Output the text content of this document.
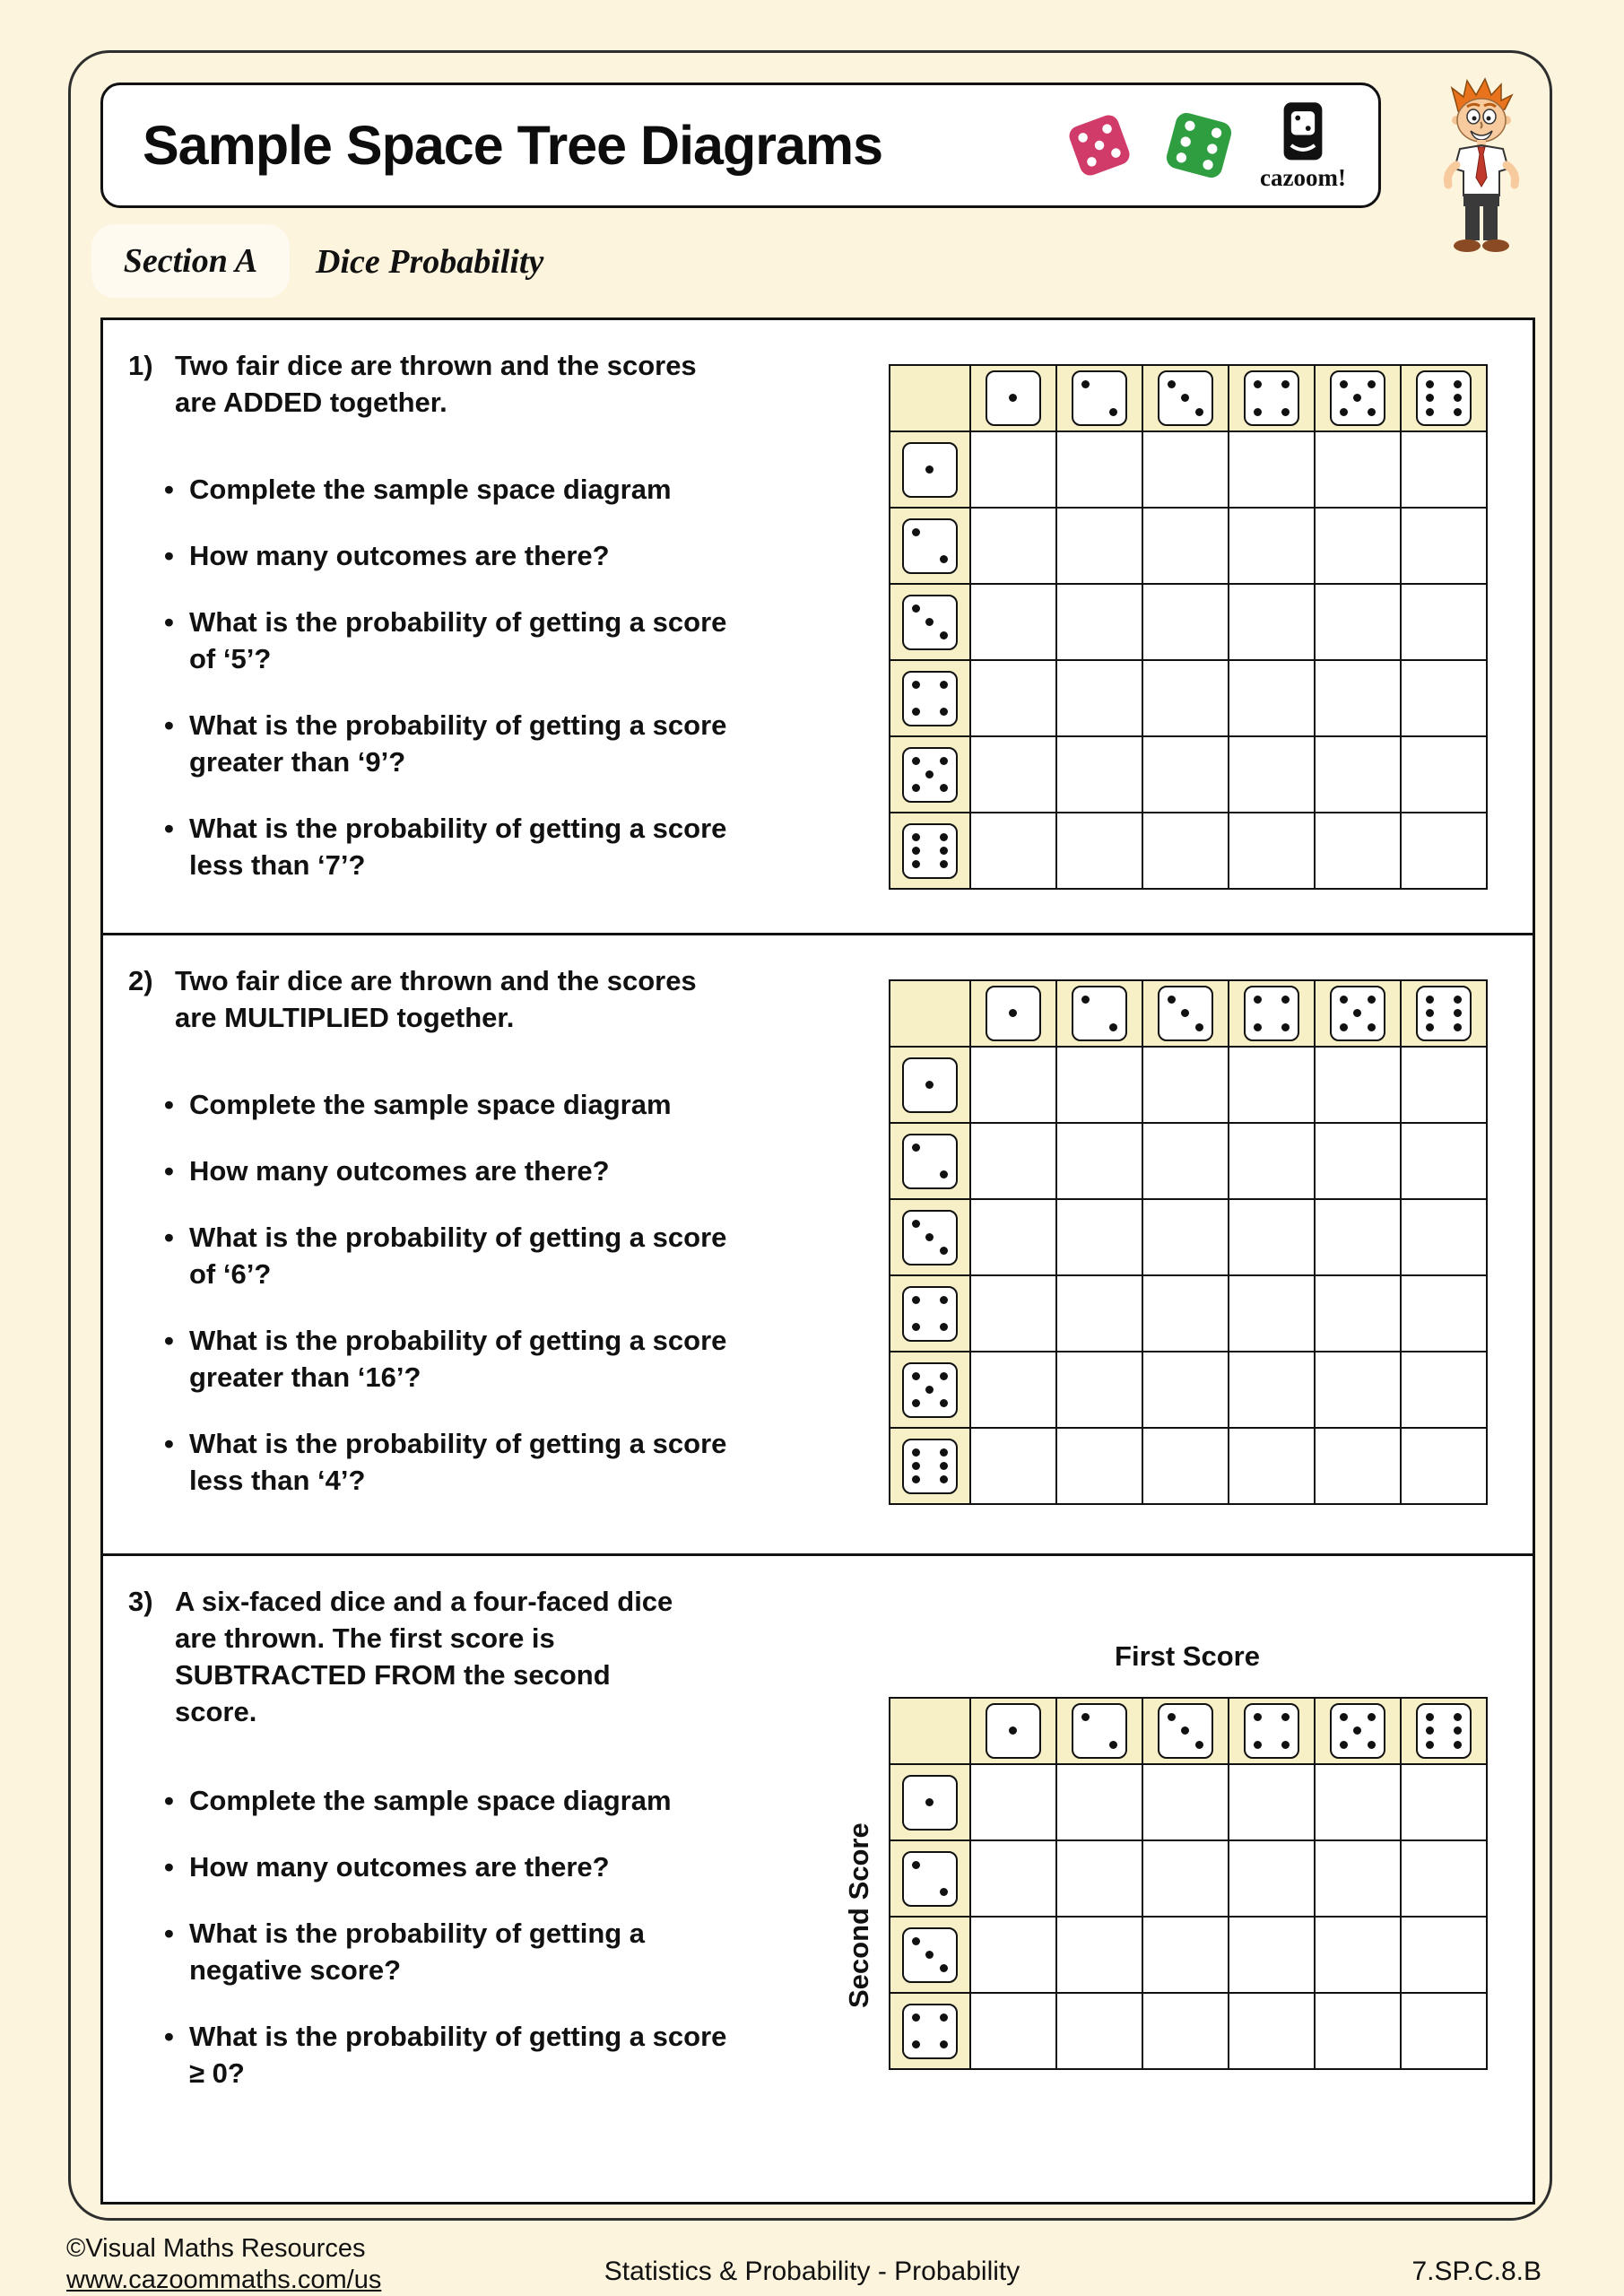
Sample Space Tree Diagrams
cazoom!
Section A Dice Probability
1) Two fair dice are thrown and the scores are ADDED together.
• Complete the sample space diagram
• How many outcomes are there?
• What is the probability of getting a score of ‘5’?
• What is the probability of getting a score greater than ‘9’?
• What is the probability of getting a score less than ‘7’?
2) Two fair dice are thrown and the scores are MULTIPLIED together.
• Complete the sample space diagram
• How many outcomes are there?
• What is the probability of getting a score of ‘6’?
• What is the probability of getting a score greater than ‘16’?
• What is the probability of getting a score less than ‘4’?
3) A six-faced dice and a four-faced dice are thrown. The first score is SUBTRACTED FROM the second score.
• Complete the sample space diagram
• How many outcomes are there?
• What is the probability of getting a negative score?
• What is the probability of getting a score ≥ 0?
First Score
Second Score
©Visual Maths Resources
www.cazoommaths.com/us	Statistics & Probability - Probability	7.SP.C.8.B
